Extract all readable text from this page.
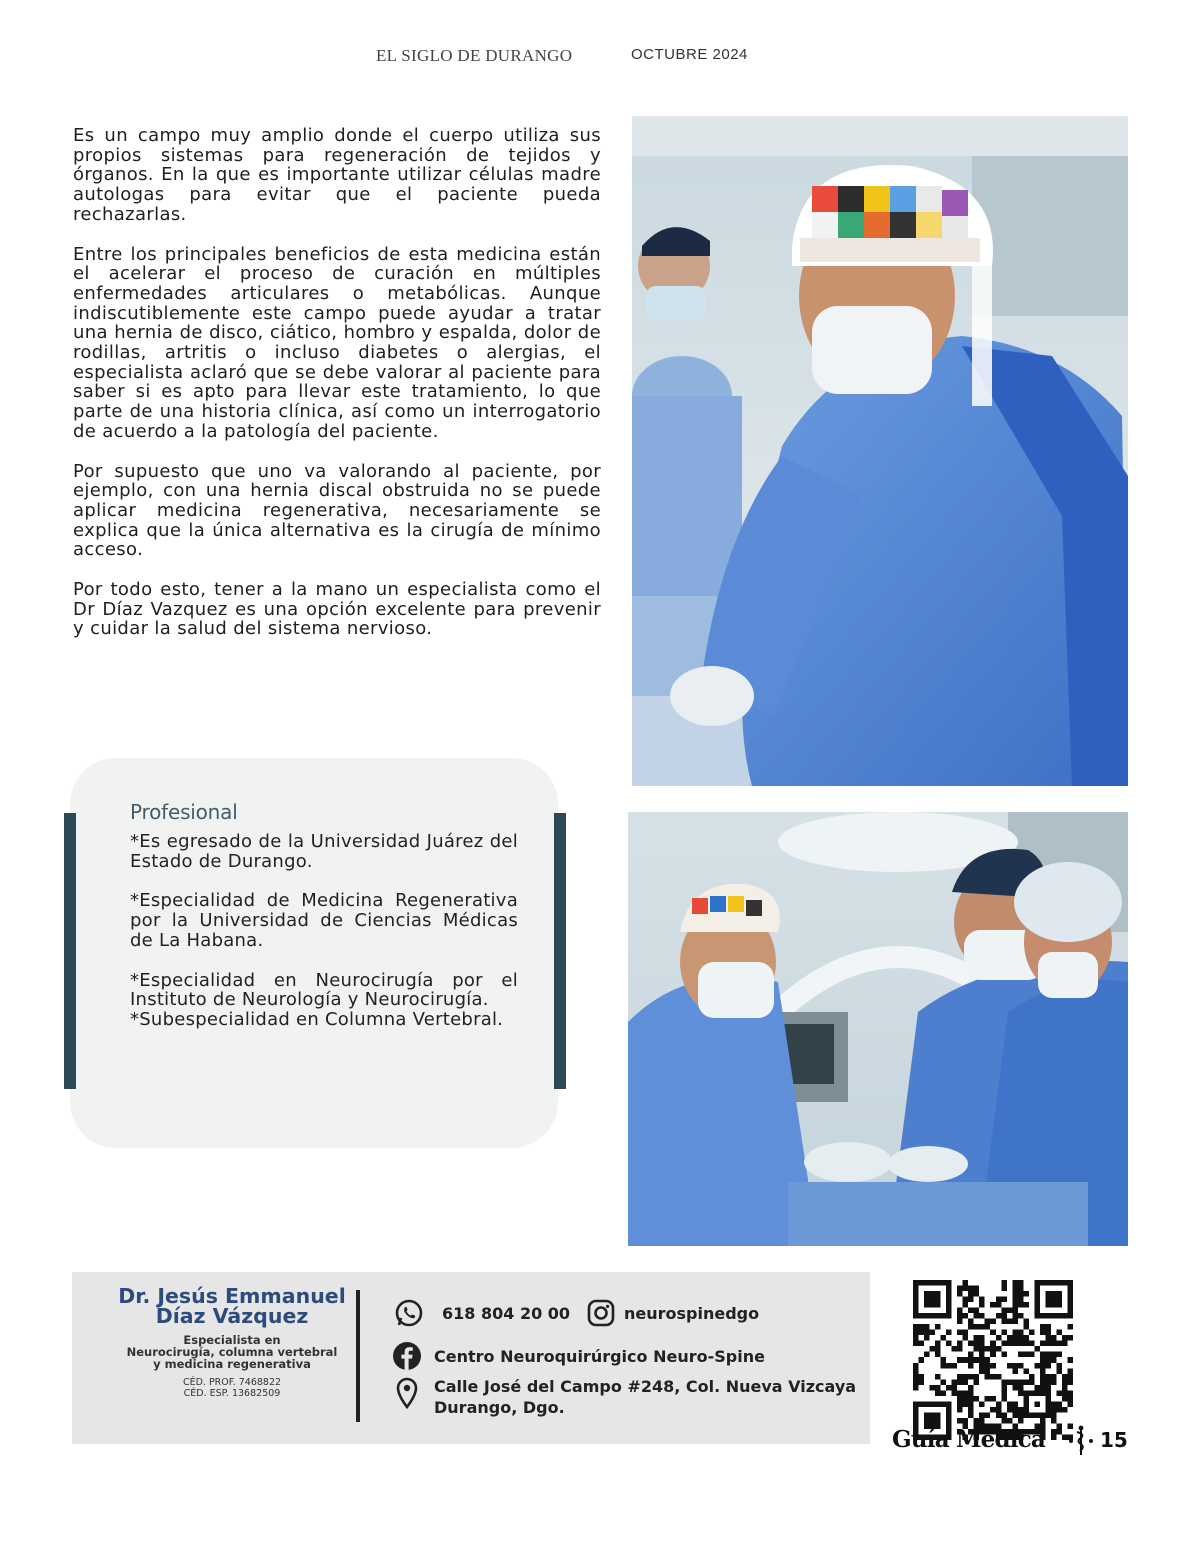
EL SIGLO DE DURANGO	OCTUBRE 2024

Es un campo muy amplio donde el cuerpo utiliza sus propios sistemas para regeneración de tejidos y órganos. En la que es importante utilizar células madre autologas para evitar que el paciente pueda rechazarlas.

Entre los principales beneficios de esta medicina están el acelerar el proceso de curación en múltiples enfermedades articulares o metabólicas. Aunque indiscutiblemente este campo puede ayudar a tratar una hernia de disco, ciático, hombro y espalda, dolor de rodillas, artritis o incluso diabetes o alergias, el especialista aclaró que se debe valorar al paciente para saber si es apto para llevar este tratamiento, lo que parte de una historia clínica, así como un interrogatorio de acuerdo a la patología del paciente.

Por supuesto que uno va valorando al paciente, por ejemplo, con una hernia discal obstruida no se puede aplicar medicina regenerativa, necesariamente se explica que la única alternativa es la cirugía de mínimo acceso.

Por todo esto, tener a la mano un especialista como el Dr Díaz Vazquez es una opción excelente para prevenir y cuidar la salud del sistema nervioso.

Profesional

*Es egresado de la Universidad Juárez del Estado de Durango.

*Especialidad de Medicina Regenerativa por la Universidad de Ciencias Médicas de La Habana.

*Especialidad en Neurocirugía por el Instituto de Neurología y Neurocirugía.

*Subespecialidad en Columna Vertebral.

Dr. Jesús Emmanuel
Díaz Vázquez
Especialista en
Neurocirugía, columna vertebral
y medicina regenerativa
CÉD. PROF. 7468822
CÉD. ESP. 13682509
618 804 20 00	neurospinedgo
Centro Neuroquirúrgico Neuro-Spine
Calle José del Campo #248, Col. Nueva Vizcaya
Durango, Dgo.
Guía Médica	15
